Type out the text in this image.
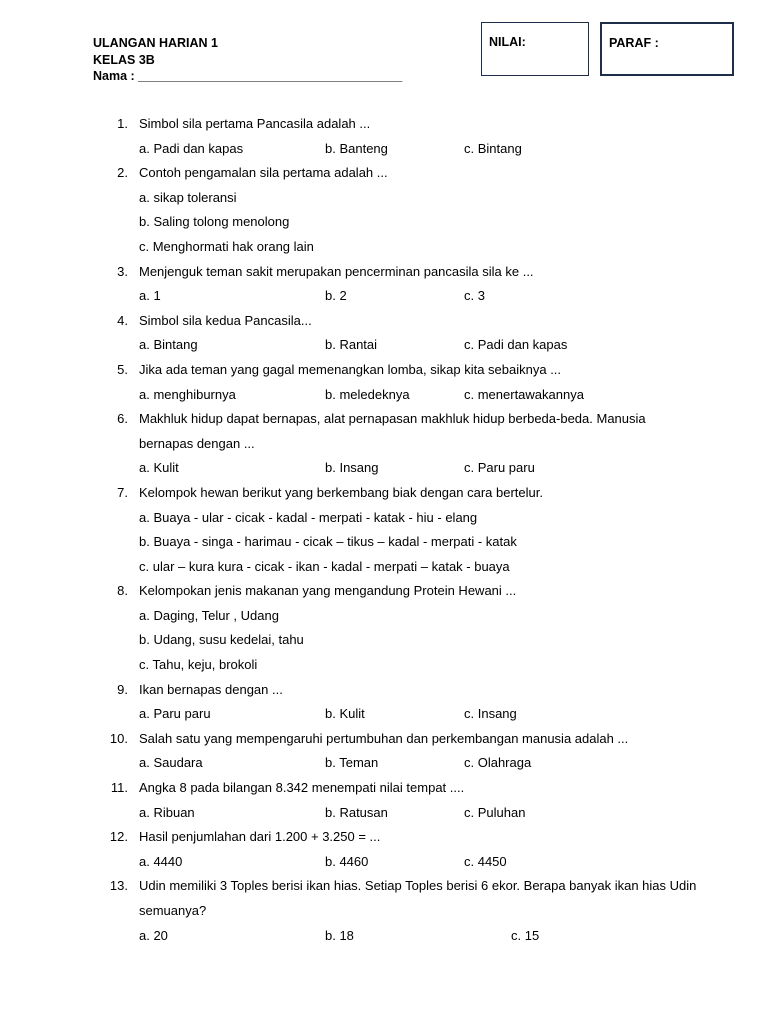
ULANGAN HARIAN 1
KELAS 3B
Nama : ______________________________________
NILAI:	PARAF :
1. Simbol sila pertama Pancasila adalah ...
a. Padi dan kapas	b. Banteng	c. Bintang
2. Contoh pengamalan sila pertama adalah ...
a. sikap toleransi
b. Saling tolong menolong
c. Menghormati hak orang lain
3. Menjenguk teman sakit merupakan pencerminan pancasila sila ke ...
a. 1	b. 2	c. 3
4. Simbol sila kedua Pancasila...
a. Bintang	b. Rantai	c. Padi dan kapas
5. Jika ada teman yang gagal memenangkan lomba, sikap kita sebaiknya ...
a. menghiburnya	b. meledeknya	c. menertawakannya
6. Makhluk hidup dapat bernapas, alat pernapasan makhluk hidup berbeda-beda. Manusia
bernapas dengan ...
a. Kulit	b. Insang	c. Paru paru
7. Kelompok hewan berikut yang berkembang biak dengan cara bertelur.
a. Buaya - ular - cicak - kadal - merpati - katak - hiu - elang
b. Buaya - singa - harimau - cicak – tikus – kadal - merpati - katak
c. ular – kura kura - cicak - ikan - kadal - merpati – katak - buaya
8. Kelompokan jenis makanan yang mengandung Protein Hewani ...
a. Daging, Telur , Udang
b. Udang, susu kedelai, tahu
c. Tahu, keju, brokoli
9. Ikan bernapas dengan ...
a. Paru paru	b. Kulit	c. Insang
10. Salah satu yang mempengaruhi pertumbuhan dan perkembangan manusia adalah ...
a. Saudara	b. Teman	c. Olahraga
11. Angka 8 pada bilangan 8.342 menempati nilai tempat ....
a. Ribuan	b. Ratusan	c. Puluhan
12. Hasil penjumlahan dari 1.200 + 3.250 = ...
a. 4440	b. 4460	c. 4450
13. Udin memiliki 3 Toples berisi ikan hias. Setiap Toples berisi 6 ekor. Berapa banyak ikan hias Udin
semuanya?
a. 20	b. 18	c. 15
